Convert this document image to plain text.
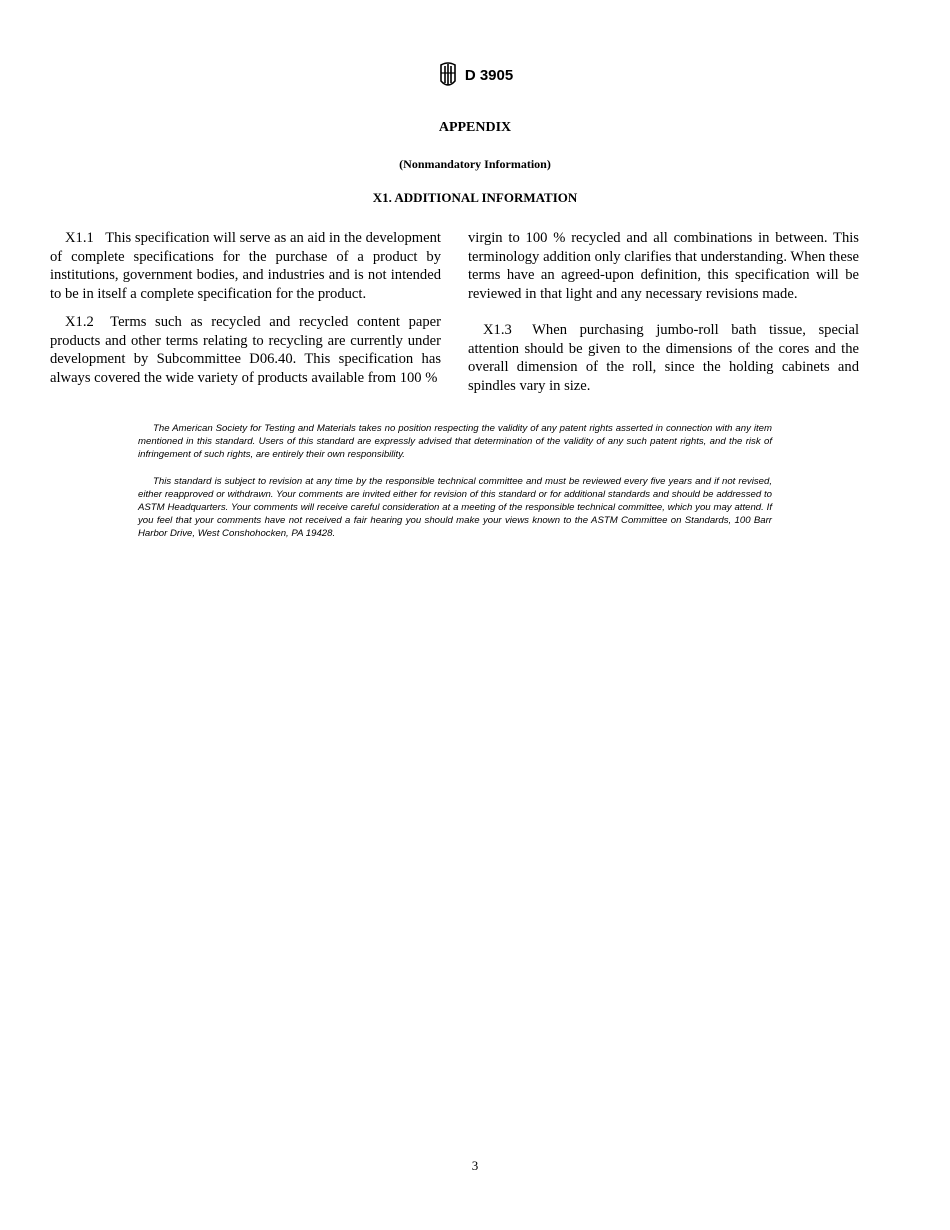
D 3905
APPENDIX
(Nonmandatory Information)
X1. ADDITIONAL INFORMATION

X1.1 This specification will serve as an aid in the development of complete specifications for the purchase of a product by institutions, government bodies, and industries and is not intended to be in itself a complete specification for the product.

X1.2 Terms such as recycled and recycled content paper products and other terms relating to recycling are currently under development by Subcommittee D06.40. This specification has always covered the wide variety of products available from 100 %

virgin to 100 % recycled and all combinations in between. This terminology addition only clarifies that understanding. When these terms have an agreed-upon definition, this specification will be reviewed in that light and any necessary revisions made.

X1.3 When purchasing jumbo-roll bath tissue, special attention should be given to the dimensions of the cores and the overall dimension of the roll, since the holding cabinets and spindles vary in size.

The American Society for Testing and Materials takes no position respecting the validity of any patent rights asserted in connection with any item mentioned in this standard. Users of this standard are expressly advised that determination of the validity of any such patent rights, and the risk of infringement of such rights, are entirely their own responsibility.

This standard is subject to revision at any time by the responsible technical committee and must be reviewed every five years and if not revised, either reapproved or withdrawn. Your comments are invited either for revision of this standard or for additional standards and should be addressed to ASTM Headquarters. Your comments will receive careful consideration at a meeting of the responsible technical committee, which you may attend. If you feel that your comments have not received a fair hearing you should make your views known to the ASTM Committee on Standards, 100 Barr Harbor Drive, West Conshohocken, PA 19428.

3
